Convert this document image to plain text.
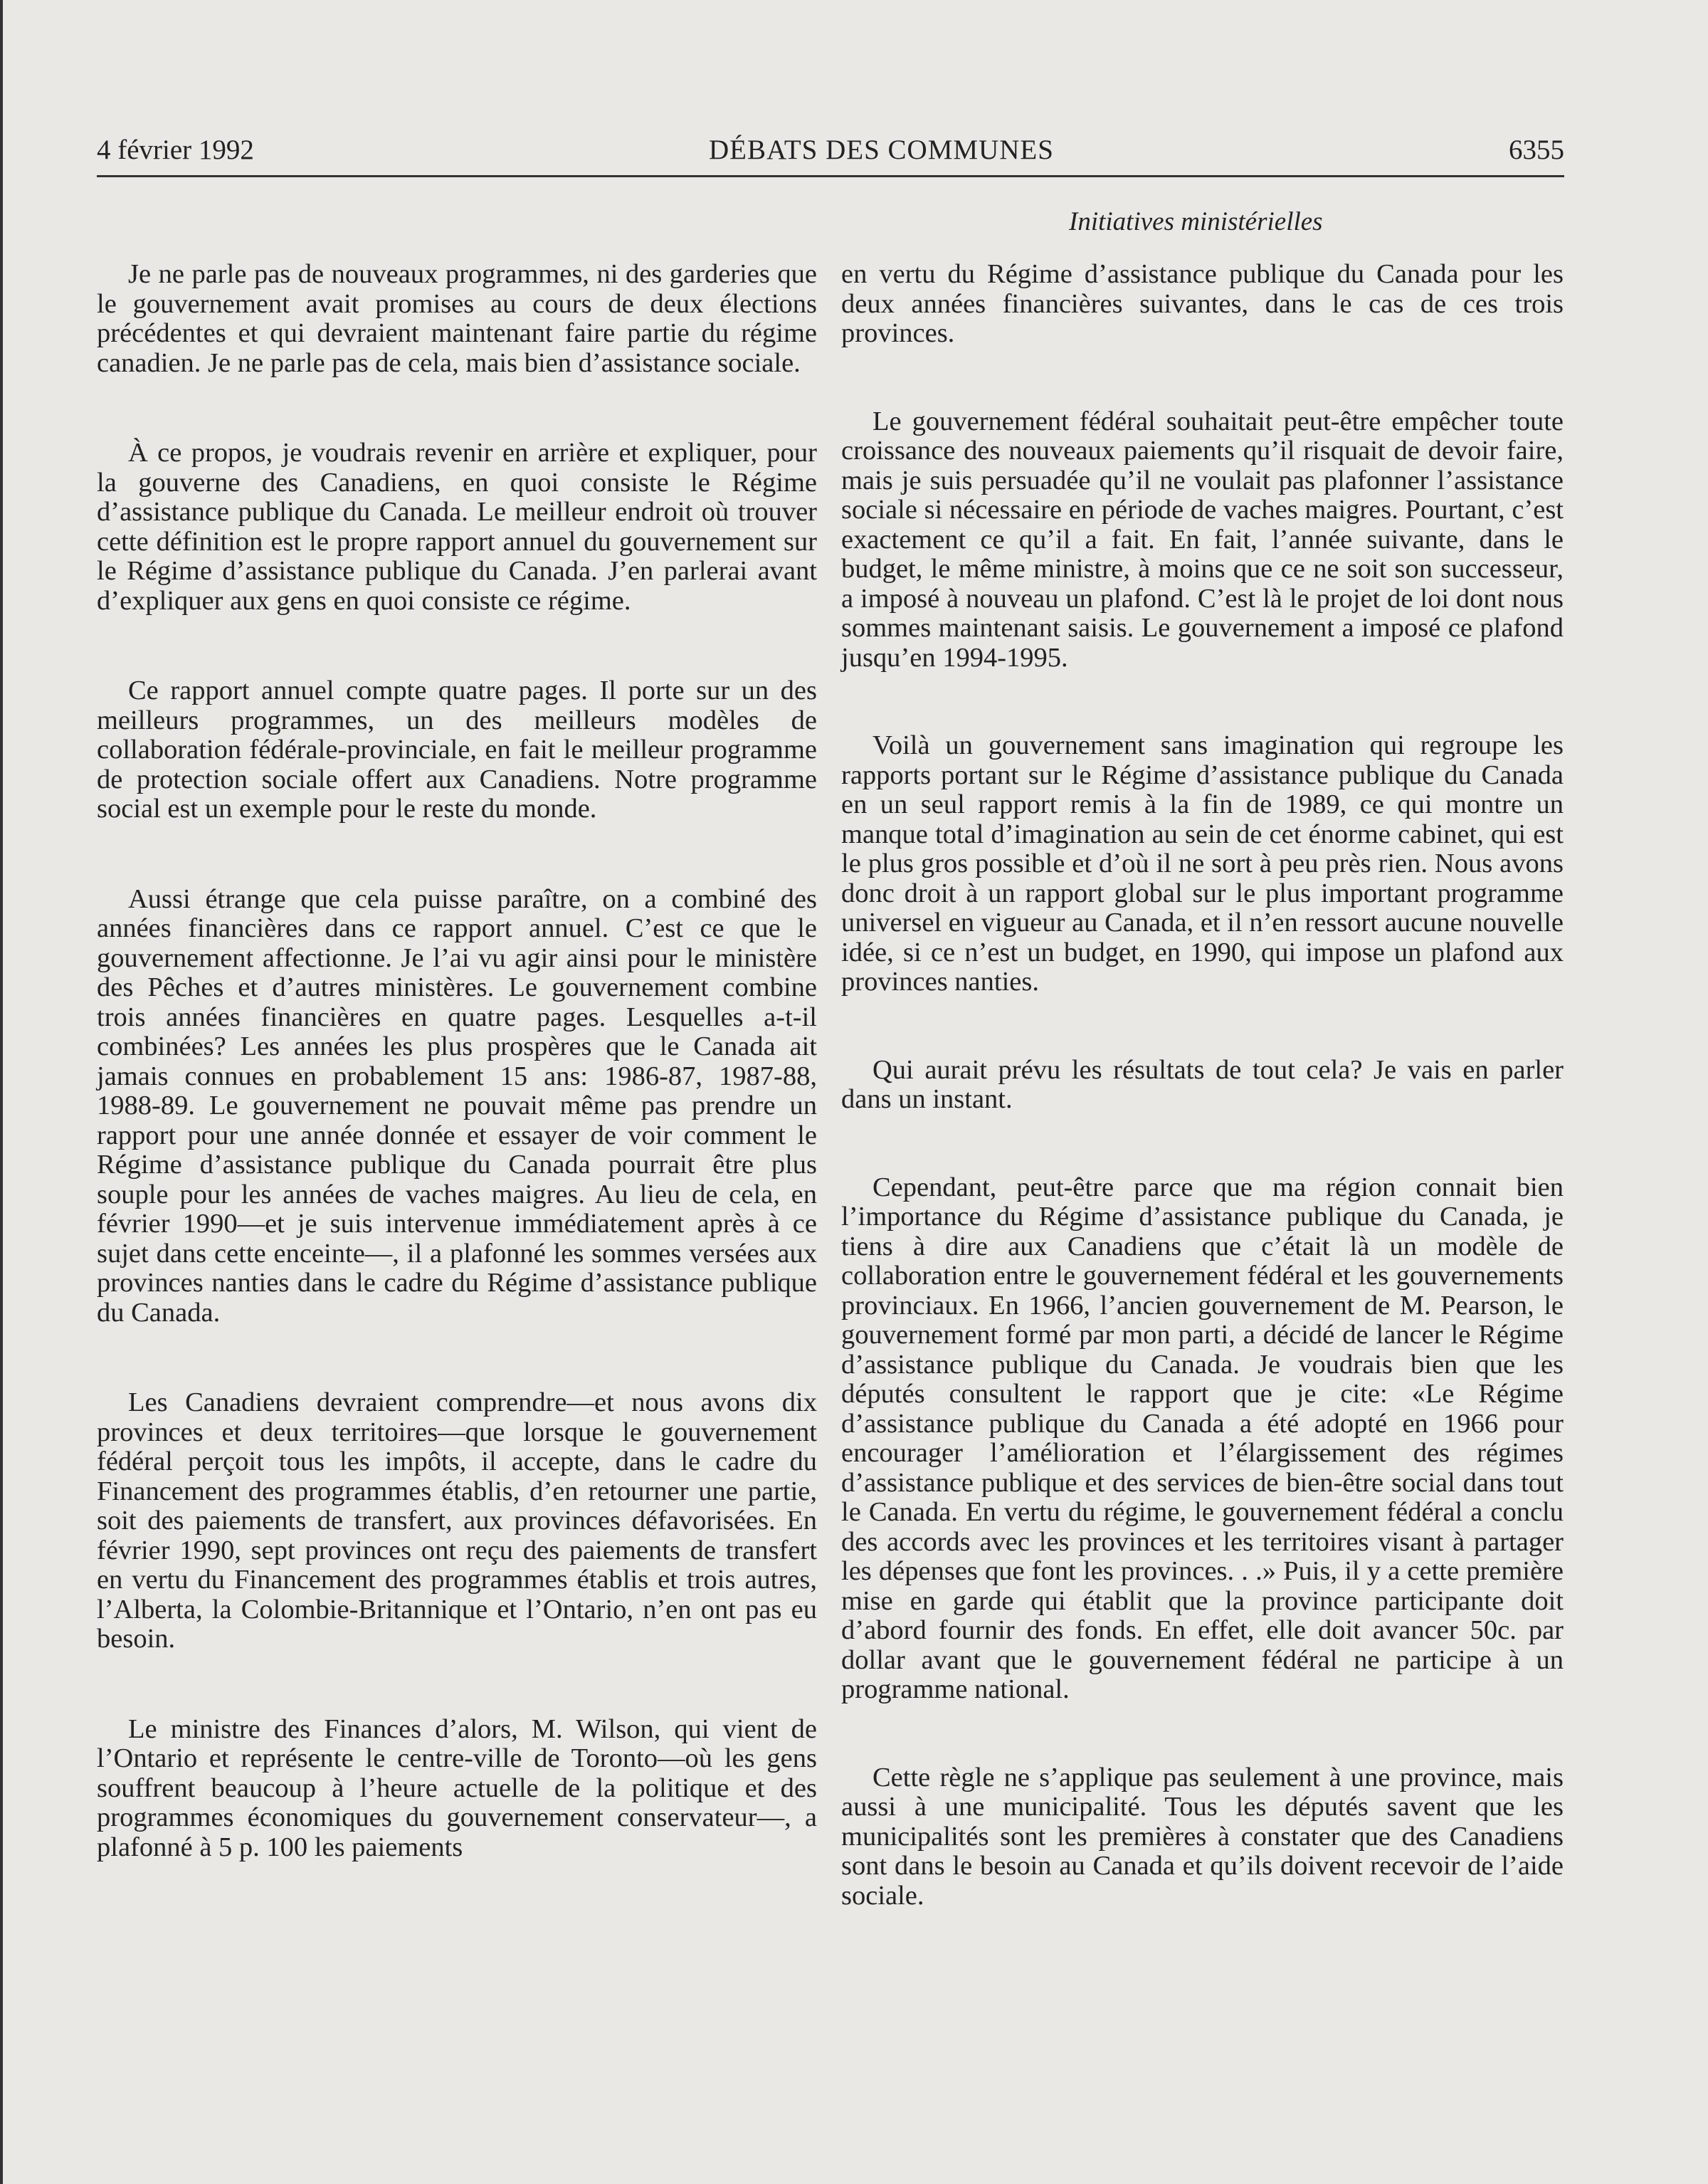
4 février 1992	DÉBATS DES COMMUNES	6355
Initiatives ministérielles

Je ne parle pas de nouveaux programmes, ni des garderies que le gouvernement avait promises au cours de deux élections précédentes et qui devraient maintenant faire partie du régime canadien. Je ne parle pas de cela, mais bien d’assistance sociale.

À ce propos, je voudrais revenir en arrière et expliquer, pour la gouverne des Canadiens, en quoi consiste le Régime d’assistance publique du Canada. Le meilleur endroit où trouver cette définition est le propre rapport annuel du gouvernement sur le Régime d’assistance publique du Canada. J’en parlerai avant d’expliquer aux gens en quoi consiste ce régime.

Ce rapport annuel compte quatre pages. Il porte sur un des meilleurs programmes, un des meilleurs modèles de collaboration fédérale-provinciale, en fait le meilleur programme de protection sociale offert aux Canadiens. Notre programme social est un exemple pour le reste du monde.

Aussi étrange que cela puisse paraître, on a combiné des années financières dans ce rapport annuel. C’est ce que le gouvernement affectionne. Je l’ai vu agir ainsi pour le ministère des Pêches et d’autres ministères. Le gouvernement combine trois années financières en quatre pages. Lesquelles a-t-il combinées? Les années les plus prospères que le Canada ait jamais connues en probablement 15 ans: 1986-87, 1987-88, 1988-89. Le gouvernement ne pouvait même pas prendre un rapport pour une année donnée et essayer de voir comment le Régime d’assistance publique du Canada pourrait être plus souple pour les années de vaches maigres. Au lieu de cela, en février 1990—et je suis intervenue immédiatement après à ce sujet dans cette enceinte—, il a plafonné les sommes versées aux provinces nanties dans le cadre du Régime d’assistance publique du Canada.

Les Canadiens devraient comprendre—et nous avons dix provinces et deux territoires—que lorsque le gouvernement fédéral perçoit tous les impôts, il accepte, dans le cadre du Financement des programmes établis, d’en retourner une partie, soit des paiements de transfert, aux provinces défavorisées. En février 1990, sept provinces ont reçu des paiements de transfert en vertu du Financement des programmes établis et trois autres, l’Alberta, la Colombie-Britannique et l’Ontario, n’en ont pas eu besoin.

Le ministre des Finances d’alors, M. Wilson, qui vient de l’Ontario et représente le centre-ville de Toronto—où les gens souffrent beaucoup à l’heure actuelle de la politique et des programmes économiques du gouvernement conservateur—, a plafonné à 5 p. 100 les paiements

en vertu du Régime d’assistance publique du Canada pour les deux années financières suivantes, dans le cas de ces trois provinces.

Le gouvernement fédéral souhaitait peut-être empêcher toute croissance des nouveaux paiements qu’il risquait de devoir faire, mais je suis persuadée qu’il ne voulait pas plafonner l’assistance sociale si nécessaire en période de vaches maigres. Pourtant, c’est exactement ce qu’il a fait. En fait, l’année suivante, dans le budget, le même ministre, à moins que ce ne soit son successeur, a imposé à nouveau un plafond. C’est là le projet de loi dont nous sommes maintenant saisis. Le gouvernement a imposé ce plafond jusqu’en 1994-1995.

Voilà un gouvernement sans imagination qui regroupe les rapports portant sur le Régime d’assistance publique du Canada en un seul rapport remis à la fin de 1989, ce qui montre un manque total d’imagination au sein de cet énorme cabinet, qui est le plus gros possible et d’où il ne sort à peu près rien. Nous avons donc droit à un rapport global sur le plus important programme universel en vigueur au Canada, et il n’en ressort aucune nouvelle idée, si ce n’est un budget, en 1990, qui impose un plafond aux provinces nanties.

Qui aurait prévu les résultats de tout cela? Je vais en parler dans un instant.

Cependant, peut-être parce que ma région connait bien l’importance du Régime d’assistance publique du Canada, je tiens à dire aux Canadiens que c’était là un modèle de collaboration entre le gouvernement fédéral et les gouvernements provinciaux. En 1966, l’ancien gouvernement de M. Pearson, le gouvernement formé par mon parti, a décidé de lancer le Régime d’assistance publique du Canada. Je voudrais bien que les députés consultent le rapport que je cite: «Le Régime d’assistance publique du Canada a été adopté en 1966 pour encourager l’amélioration et l’élargissement des régimes d’assistance publique et des services de bien-être social dans tout le Canada. En vertu du régime, le gouvernement fédéral a conclu des accords avec les provinces et les territoires visant à partager les dépenses que font les provinces. . .» Puis, il y a cette première mise en garde qui établit que la province participante doit d’abord fournir des fonds. En effet, elle doit avancer 50c. par dollar avant que le gouvernement fédéral ne participe à un programme national.

Cette règle ne s’applique pas seulement à une province, mais aussi à une municipalité. Tous les députés savent que les municipalités sont les premières à constater que des Canadiens sont dans le besoin au Canada et qu’ils doivent recevoir de l’aide sociale.
